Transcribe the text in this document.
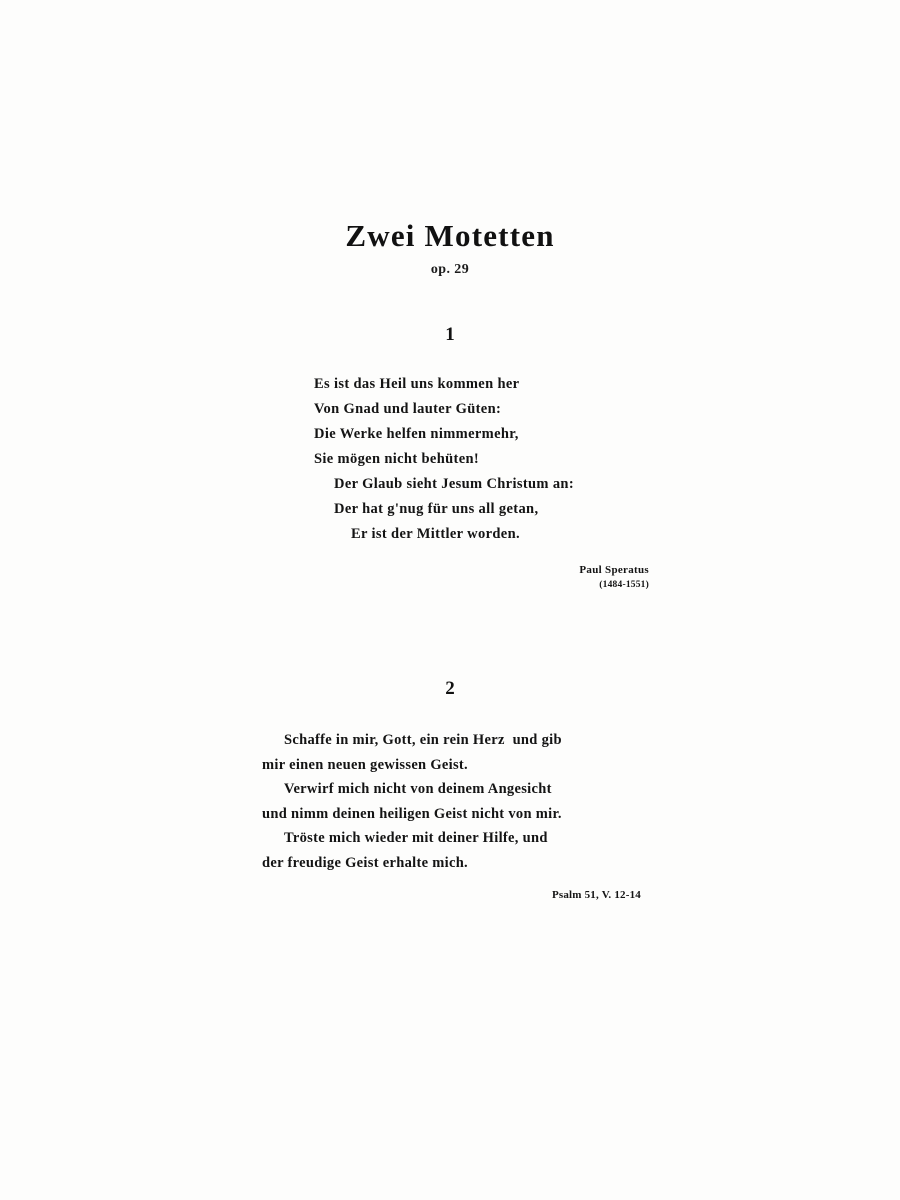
Zwei Motetten
op. 29
1
Es ist das Heil uns kommen her
Von Gnad und lauter Güten:
Die Werke helfen nimmermehr,
Sie mögen nicht behüten!
Der Glaub sieht Jesum Christum an:
Der hat g'nug für uns all getan,
Er ist der Mittler worden.
Paul Speratus
(1484-1551)
2
Schaffe in mir, Gott, ein rein Herz  und gib
mir einen neuen gewissen Geist.
Verwirf mich nicht von deinem Angesicht
und nimm deinen heiligen Geist nicht von mir.
Tröste mich wieder mit deiner Hilfe, und
der freudige Geist erhalte mich.
Psalm 51, V. 12-14
